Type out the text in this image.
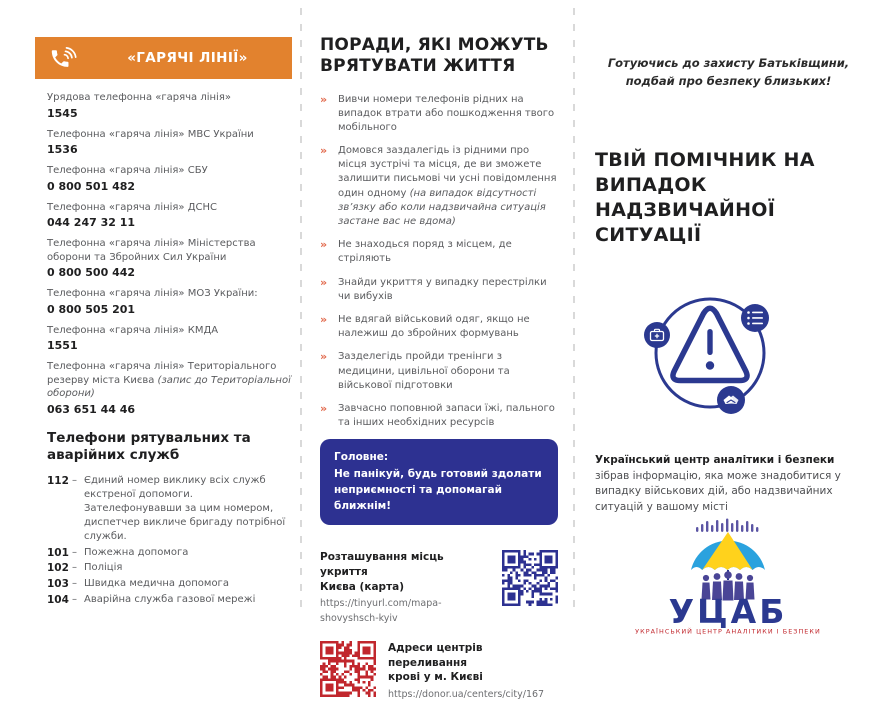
«ГАРЯЧІ ЛІНІЇ»
Урядова телефонна «гаряча лінія»
1545
Телефонна «гаряча лінія» МВС України
1536
Телефонна «гаряча лінія» СБУ
0 800 501 482
Телефонна «гаряча лінія» ДСНС
044 247 32 11
Телефонна «гаряча лінія» Міністерства оборони та Збройних Сил України
0 800 500 442
Телефонна «гаряча лінія» МОЗ України:
0 800 505 201
Телефонна «гаряча лінія» КМДА
1551
Телефонна «гаряча лінія» Територіального резерву міста Києва (запис до Територіальної оборони)
063 651 44 46
Телефони рятувальних та
аварійних служб
112 – Єдиний номер виклику всіх служб екстреної допомоги. Зателефонувавши за цим номером, диспетчер викличе бригаду потрібної служби.
101 – Пожежна допомога
102 – Поліція
103 – Швидка медична допомога
104 – Аварійна служба газової мережі
ПОРАДИ, ЯКІ МОЖУТЬ
ВРЯТУВАТИ ЖИТТЯ
» Вивчи номери телефонів рідних на випадок втрати або пошкодження твого мобільного
» Домовся заздалегідь із рідними про місця зустрічі та місця, де ви зможете залишити письмові чи усні повідомлення один одному (на випадок відсутності зв’язку або коли надзвичайна ситуація застане вас не вдома)
» Не знаходься поряд з місцем, де стріляють
» Знайди укриття у випадку перестрілки чи вибухів
» Не вдягай військовий одяг, якщо не належиш до збройних формувань
» Зазделегідь пройди тренінги з медицини, цивільної оборони та військової підготовки
» Завчасно поповнюй запаси їжі, пального та інших необхідних ресурсів
Головне:
Не панікуй, будь готовий здолати
неприємності та допомагай ближнім!
Розташування місць укриття
Києва (карта)
https://tinyurl.com/mapa-
shovyshsch-kyiv
Адреси центрів переливання
крові у м. Києві
https://donor.ua/centers/city/167

Готуючись до захисту Батьківщини,
подбай про безпеку близьких!

ТВІЙ ПОМІЧНИК НА
ВИПАДОК НАДЗВИЧАЙНОЇ
СИТУАЦІЇ

Український центр аналітики і безпеки зібрав інформацію, яка може знадобитися у випадку військових дій, або надзвичайних ситуацій у вашому місті

УЦАБ
УКРАЇНСЬКИЙ ЦЕНТР АНАЛІТИКИ І БЕЗПЕКИ
